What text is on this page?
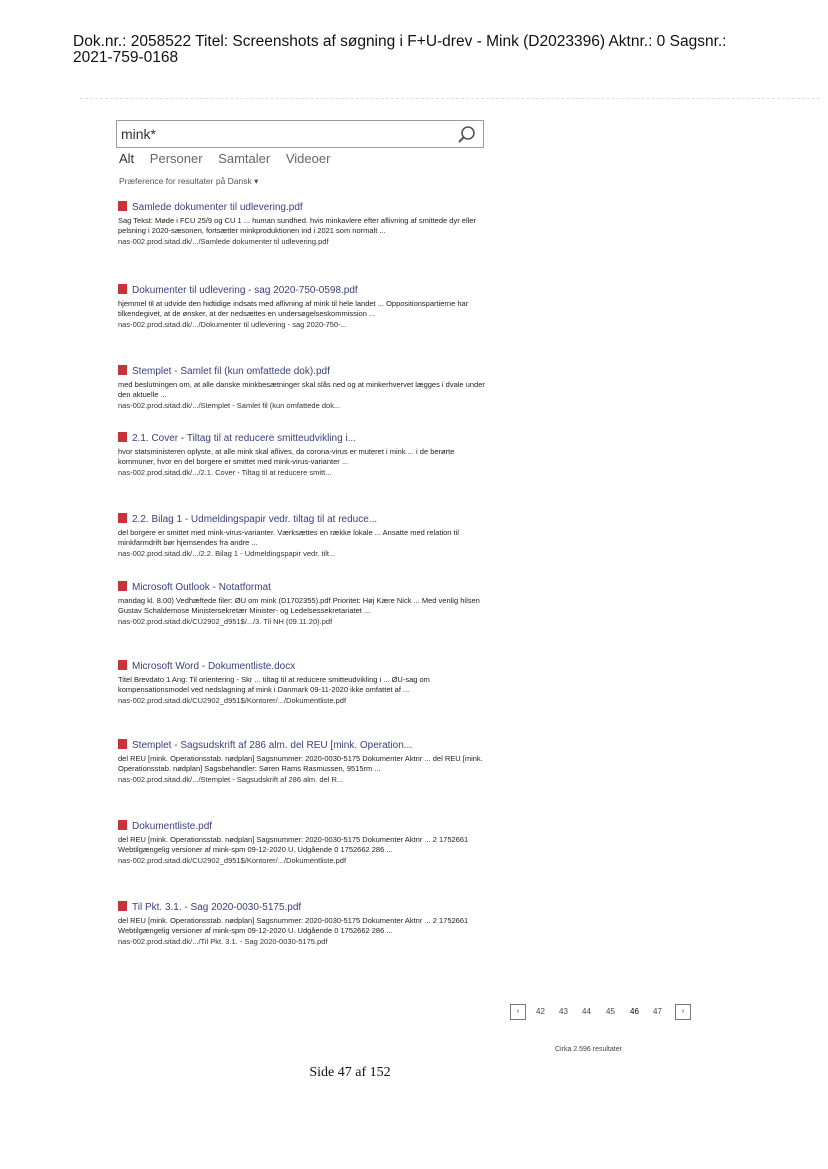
Dok.nr.: 2058522 Titel: Screenshots af søgning i F+U-drev - Mink (D2023396) Aktnr.: 0 Sagsnr.:
2021-759-0168
mink*
Alt Personer Samtaler Videoer
Præference for resultater på Dansk ▾
Samlede dokumenter til udlevering.pdf
Sag Tekst: Møde i FCU 25/9 og CU 1 ... human sundhed. hvis minkavlere efter aflivning af smittede dyr eller pelsning i 2020-sæsonen, fortsætter minkproduktionen ind i 2021 som normalt ...
nas-002.prod.sitad.dk/.../Samlede dokumenter til udlevering.pdf
Dokumenter til udlevering - sag 2020-750-0598.pdf
hjemmel til at udvide den hidtidige indsats med aflivning af mink til hele landet ... Oppositionspartierne har tilkendegivet, at de ønsker, at der nedsættes en undersøgelseskommission ...
nas-002.prod.sitad.dk/.../Dokumenter til udlevering - sag 2020-750-...
Stemplet - Samlet fil (kun omfattede dok).pdf
med beslutningen om, at alle danske minkbesætninger skal slås ned og at minkerhvervet lægges i dvale under den aktuelle ...
nas-002.prod.sitad.dk/.../Stemplet - Samlet fil (kun omfattede dok...
2.1. Cover - Tiltag til at reducere smitteudvikling i...
hvor statsministeren oplyste, at alle mink skal aflives, da corona-virus er muteret i mink ... i de berørte kommuner, hvor en del borgere er smittet med mink-virus-varianter ...
nas-002.prod.sitad.dk/.../2.1. Cover - Tiltag til at reducere smitt...
2.2. Bilag 1 - Udmeldingspapir vedr. tiltag til at reduce...
del borgere er smittet med mink-virus-varianter. Værksættes en række lokale ... Ansatte med relation til minkfarmdrift bør hjemsendes fra andre ...
nas-002.prod.sitad.dk/.../2.2. Bilag 1 - Udmeldingspapir vedr. tilt...
Microsoft Outlook - Notatformat
mandag kl. 8.00) Vedhæftede filer: ØU om mink (D1702355).pdf Prioritet: Høj Kære Nick ... Med venlig hilsen Gustav Schaldemose Ministersekretær Minister- og Ledelsessekretariatet ...
nas-002.prod.sitad.dk/CU2902_d951$/.../3. Til NH (09.11.20).pdf
Microsoft Word - Dokumentliste.docx
Titel Brevdato 1 Ang: Til orientering - Skr ... tiltag til at reducere smitteudvikling i ... ØU-sag om kompensationsmodel ved nedslagning af mink i Danmark 09-11-2020 ikke omfattet af ...
nas-002.prod.sitad.dk/CU2902_d951$/Kontorer/.../Dokumentliste.pdf
Stemplet - Sagsudskrift af 286 alm. del REU [mink. Operation...
del REU [mink. Operationsstab. nødplan] Sagsnummer: 2020-0030-5175 Dokumenter Aktnr ... del REU [mink. Operationsstab. nødplan] Sagsbehandler: Søren Rams Rasmussen, 9515rm ...
nas-002.prod.sitad.dk/.../Stemplet - Sagsudskrift af 286 alm. del R...
Dokumentliste.pdf
del REU [mink. Operationsstab. nødplan] Sagsnummer: 2020-0030-5175 Dokumenter Aktnr ... 2 1752661 Webtilgængelig versioner af mink-spm 09-12-2020 U. Udgående 0 1752662 286 ...
nas-002.prod.sitad.dk/CU2902_d951$/Kontorer/.../Dokumentliste.pdf
Til Pkt. 3.1. - Sag 2020-0030-5175.pdf
del REU [mink. Operationsstab. nødplan] Sagsnummer: 2020-0030-5175 Dokumenter Aktnr ... 2 1752661 Webtilgængelig versioner af mink-spm 09-12-2020 U. Udgående 0 1752662 286 ...
nas-002.prod.sitad.dk/.../Til Pkt. 3.1. - Sag 2020-0030-5175.pdf
‹	42 43 44 45 46 47	›
Cirka 2.596 resultater
Side 47 af 152
